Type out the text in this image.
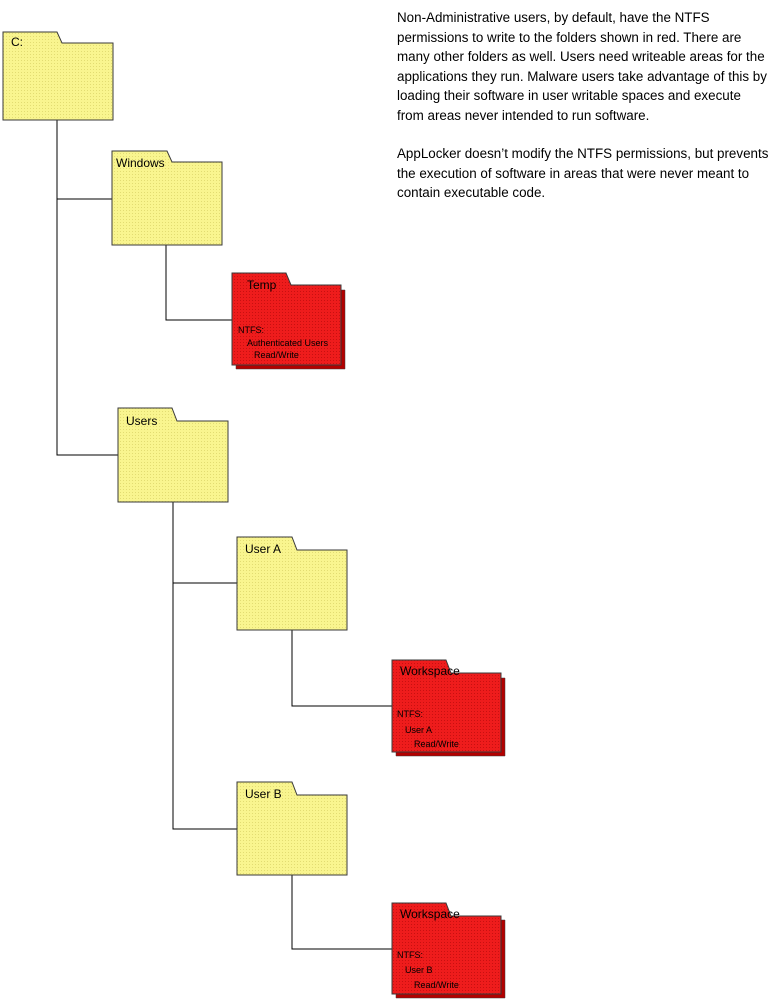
C:
Windows
Temp
NTFS:
Authenticated Users
Read/Write
Users
User A
Workspace
NTFS:
User A
Read/Write
User B
Workspace
NTFS:
User B
Read/Write

Non-Administrative users, by default, have the NTFS permissions to write to the folders shown in red. There are many other folders as well. Users need writeable areas for the applications they run. Malware users take advantage of this by loading their software in user writable spaces and execute from areas never intended to run software.

AppLocker doesn’t modify the NTFS permissions, but prevents the execution of software in areas that were never meant to contain executable code.
